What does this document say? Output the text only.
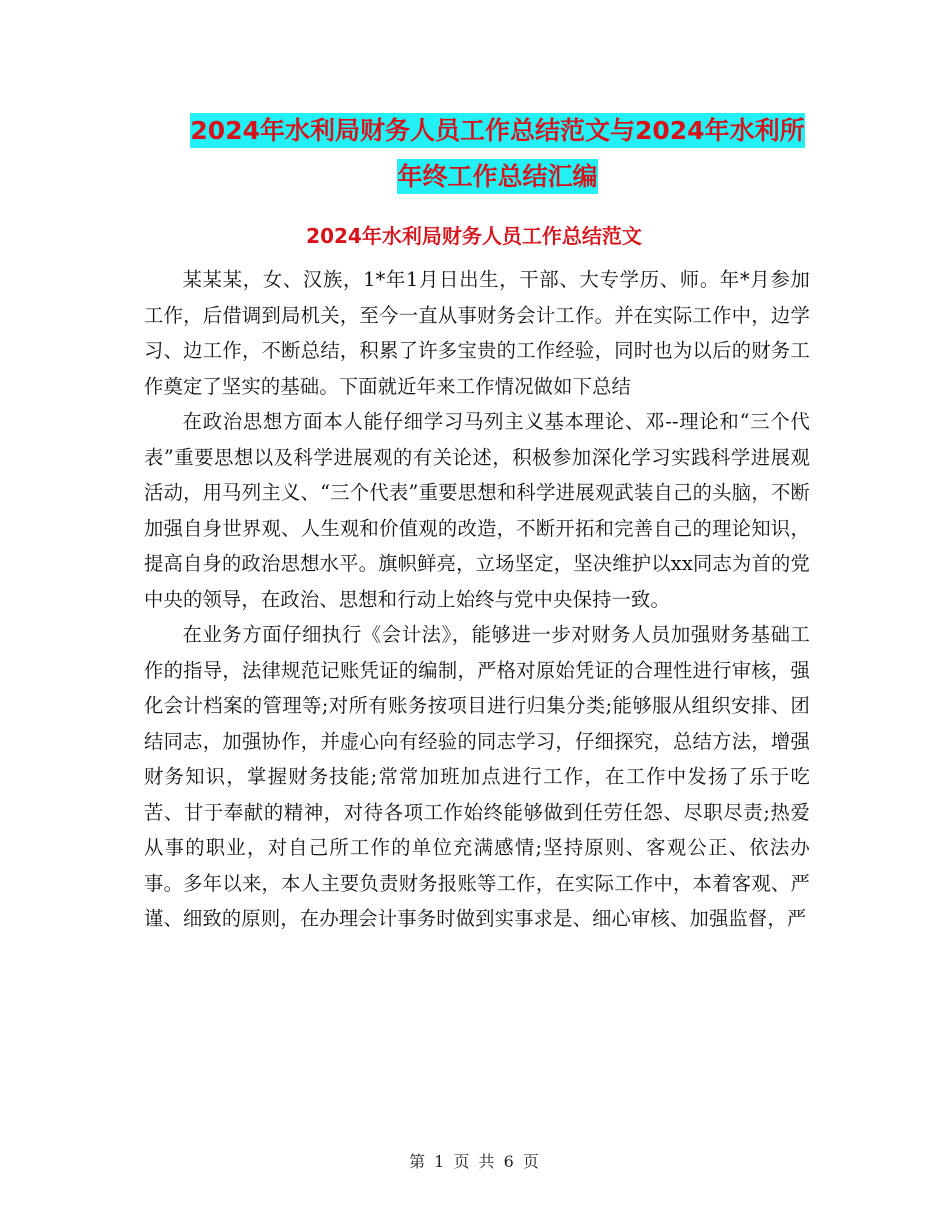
2024年水利局财务人员工作总结范文与2024年水利所
年终工作总结汇编
2024年水利局财务人员工作总结范文

某某某，女、汉族，1*年1月日出生，干部、大专学历、师。年*月参加工作，后借调到局机关，至今一直从事财务会计工作。并在实际工作中，边学习、边工作，不断总结，积累了许多宝贵的工作经验，同时也为以后的财务工作奠定了坚实的基础。下面就近年来工作情况做如下总结

在政治思想方面本人能仔细学习马列主义基本理论、邓--理论和“三个代表”重要思想以及科学进展观的有关论述，积极参加深化学习实践科学进展观活动，用马列主义、“三个代表”重要思想和科学进展观武装自己的头脑，不断加强自身世界观、人生观和价值观的改造，不断开拓和完善自己的理论知识，提高自身的政治思想水平。旗帜鲜亮，立场坚定，坚决维护以xx同志为首的党中央的领导，在政治、思想和行动上始终与党中央保持一致。

在业务方面仔细执行《会计法》，能够进一步对财务人员加强财务基础工作的指导，法律规范记账凭证的编制，严格对原始凭证的合理性进行审核，强化会计档案的管理等;对所有账务按项目进行归集分类;能够服从组织安排、团结同志，加强协作，并虚心向有经验的同志学习，仔细探究，总结方法，增强财务知识，掌握财务技能;常常加班加点进行工作，在工作中发扬了乐于吃苦、甘于奉献的精神，对待各项工作始终能够做到任劳任怨、尽职尽责;热爱从事的职业，对自己所工作的单位充满感情;坚持原则、客观公正、依法办事。多年以来，本人主要负责财务报账等工作，在实际工作中，本着客观、严谨、细致的原则，在办理会计事务时做到实事求是、细心审核、加强监督，严

第 1 页 共 6 页
